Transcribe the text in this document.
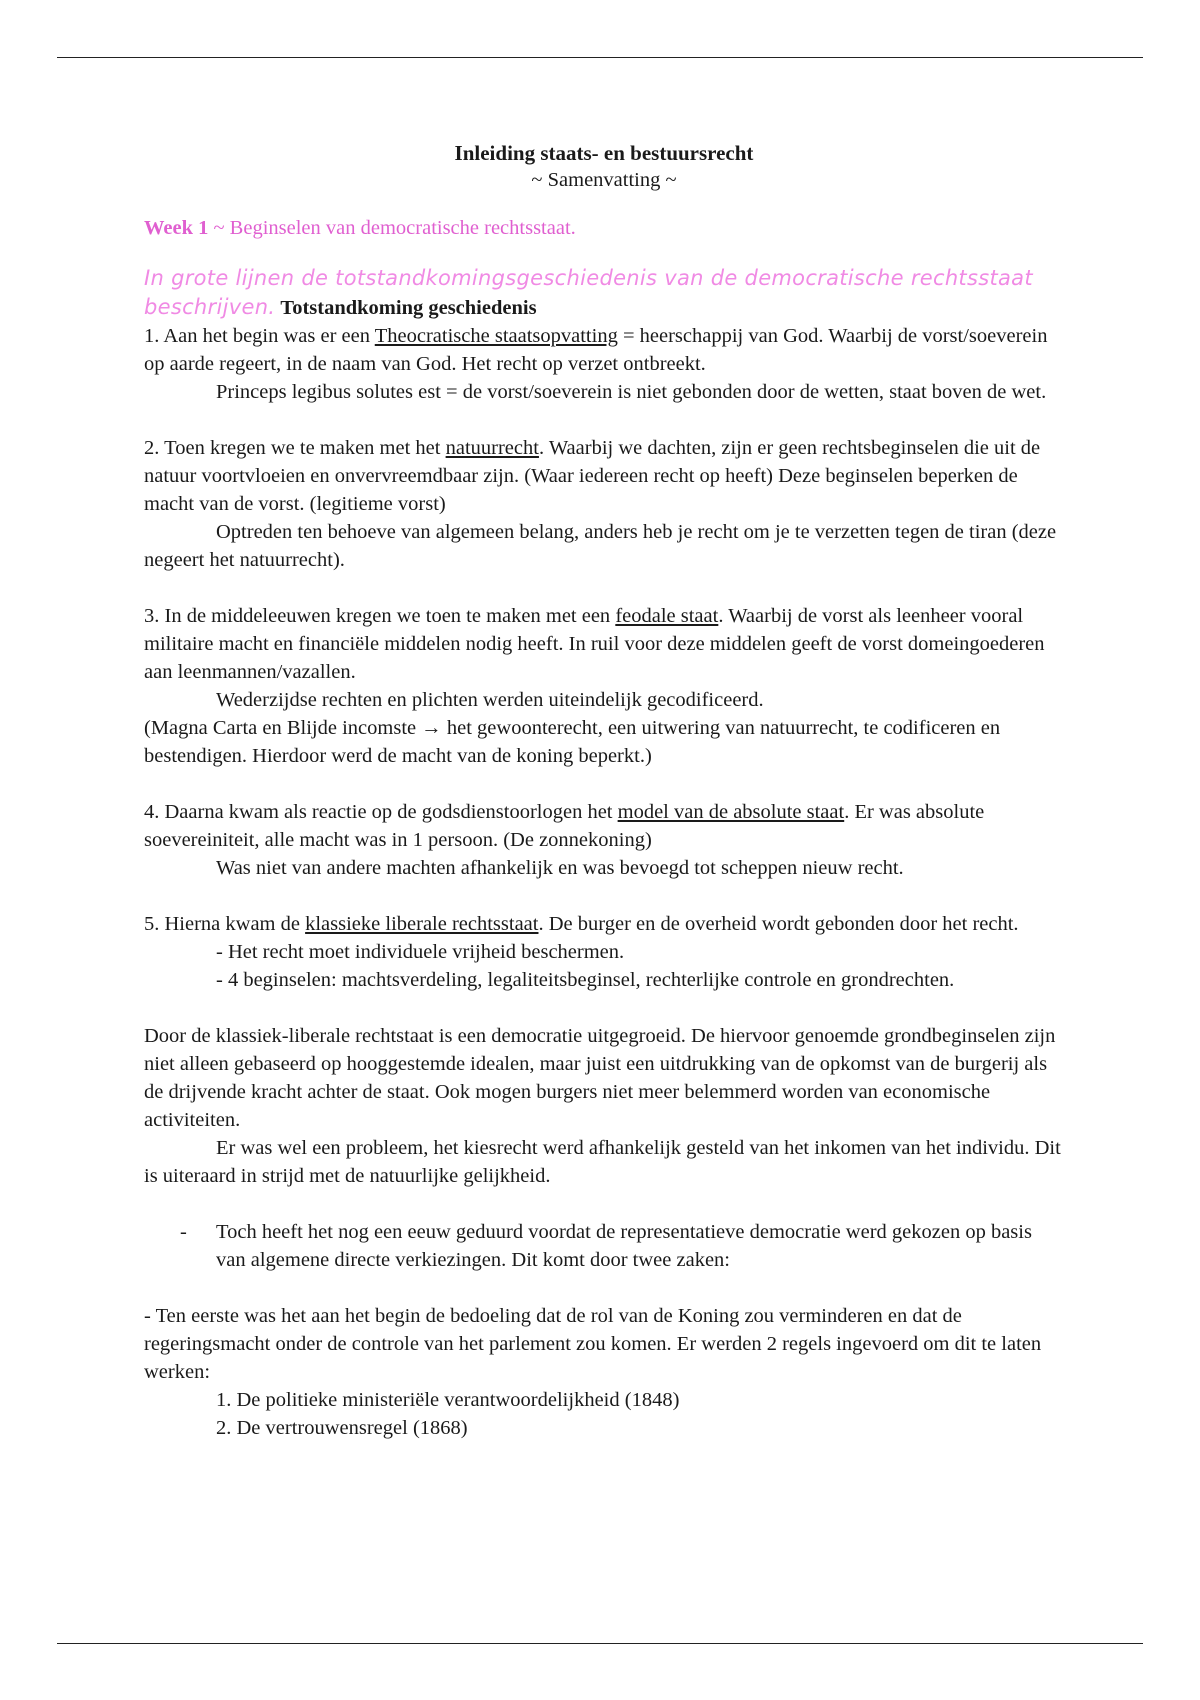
Inleiding staats- en bestuursrecht

~ Samenvatting ~

Week 1 ~ Beginselen van democratische rechtsstaat.

In grote lijnen de totstandkomingsgeschiedenis van de democratische rechtsstaat beschrijven. Totstandkoming geschiedenis

1. Aan het begin was er een Theocratische staatsopvatting = heerschappij van God. Waarbij de vorst/soeverein op aarde regeert, in de naam van God. Het recht op verzet ontbreekt.

Princeps legibus solutes est = de vorst/soeverein is niet gebonden door de wetten, staat boven de wet.

2. Toen kregen we te maken met het natuurrecht. Waarbij we dachten, zijn er geen rechtsbeginselen die uit de natuur voortvloeien en onvervreemdbaar zijn. (Waar iedereen recht op heeft) Deze beginselen beperken de macht van de vorst. (legitieme vorst)

Optreden ten behoeve van algemeen belang, anders heb je recht om je te verzetten tegen de tiran (deze negeert het natuurrecht).

3. In de middeleeuwen kregen we toen te maken met een feodale staat. Waarbij de vorst als leenheer vooral militaire macht en financiële middelen nodig heeft. In ruil voor deze middelen geeft de vorst domeingoederen aan leenmannen/vazallen.

Wederzijdse rechten en plichten werden uiteindelijk gecodificeerd.

(Magna Carta en Blijde incomste → het gewoonterecht, een uitwering van natuurrecht, te codificeren en bestendigen. Hierdoor werd de macht van de koning beperkt.)

4. Daarna kwam als reactie op de godsdienstoorlogen het model van de absolute staat. Er was absolute soevereiniteit, alle macht was in 1 persoon. (De zonnekoning)

Was niet van andere machten afhankelijk en was bevoegd tot scheppen nieuw recht.

5. Hierna kwam de klassieke liberale rechtsstaat. De burger en de overheid wordt gebonden door het recht.

- Het recht moet individuele vrijheid beschermen.

- 4 beginselen: machtsverdeling, legaliteitsbeginsel, rechterlijke controle en grondrechten.

Door de klassiek-liberale rechtstaat is een democratie uitgegroeid. De hiervoor genoemde grondbeginselen zijn niet alleen gebaseerd op hooggestemde idealen, maar juist een uitdrukking van de opkomst van de burgerij als de drijvende kracht achter de staat. Ook mogen burgers niet meer belemmerd worden van economische activiteiten.

Er was wel een probleem, het kiesrecht werd afhankelijk gesteld van het inkomen van het individu. Dit is uiteraard in strijd met de natuurlijke gelijkheid.

- Toch heeft het nog een eeuw geduurd voordat de representatieve democratie werd gekozen op basis van algemene directe verkiezingen. Dit komt door twee zaken:

- Ten eerste was het aan het begin de bedoeling dat de rol van de Koning zou verminderen en dat de regeringsmacht onder de controle van het parlement zou komen. Er werden 2 regels ingevoerd om dit te laten werken:

1. De politieke ministeriële verantwoordelijkheid (1848)
2. De vertrouwensregel (1868)
